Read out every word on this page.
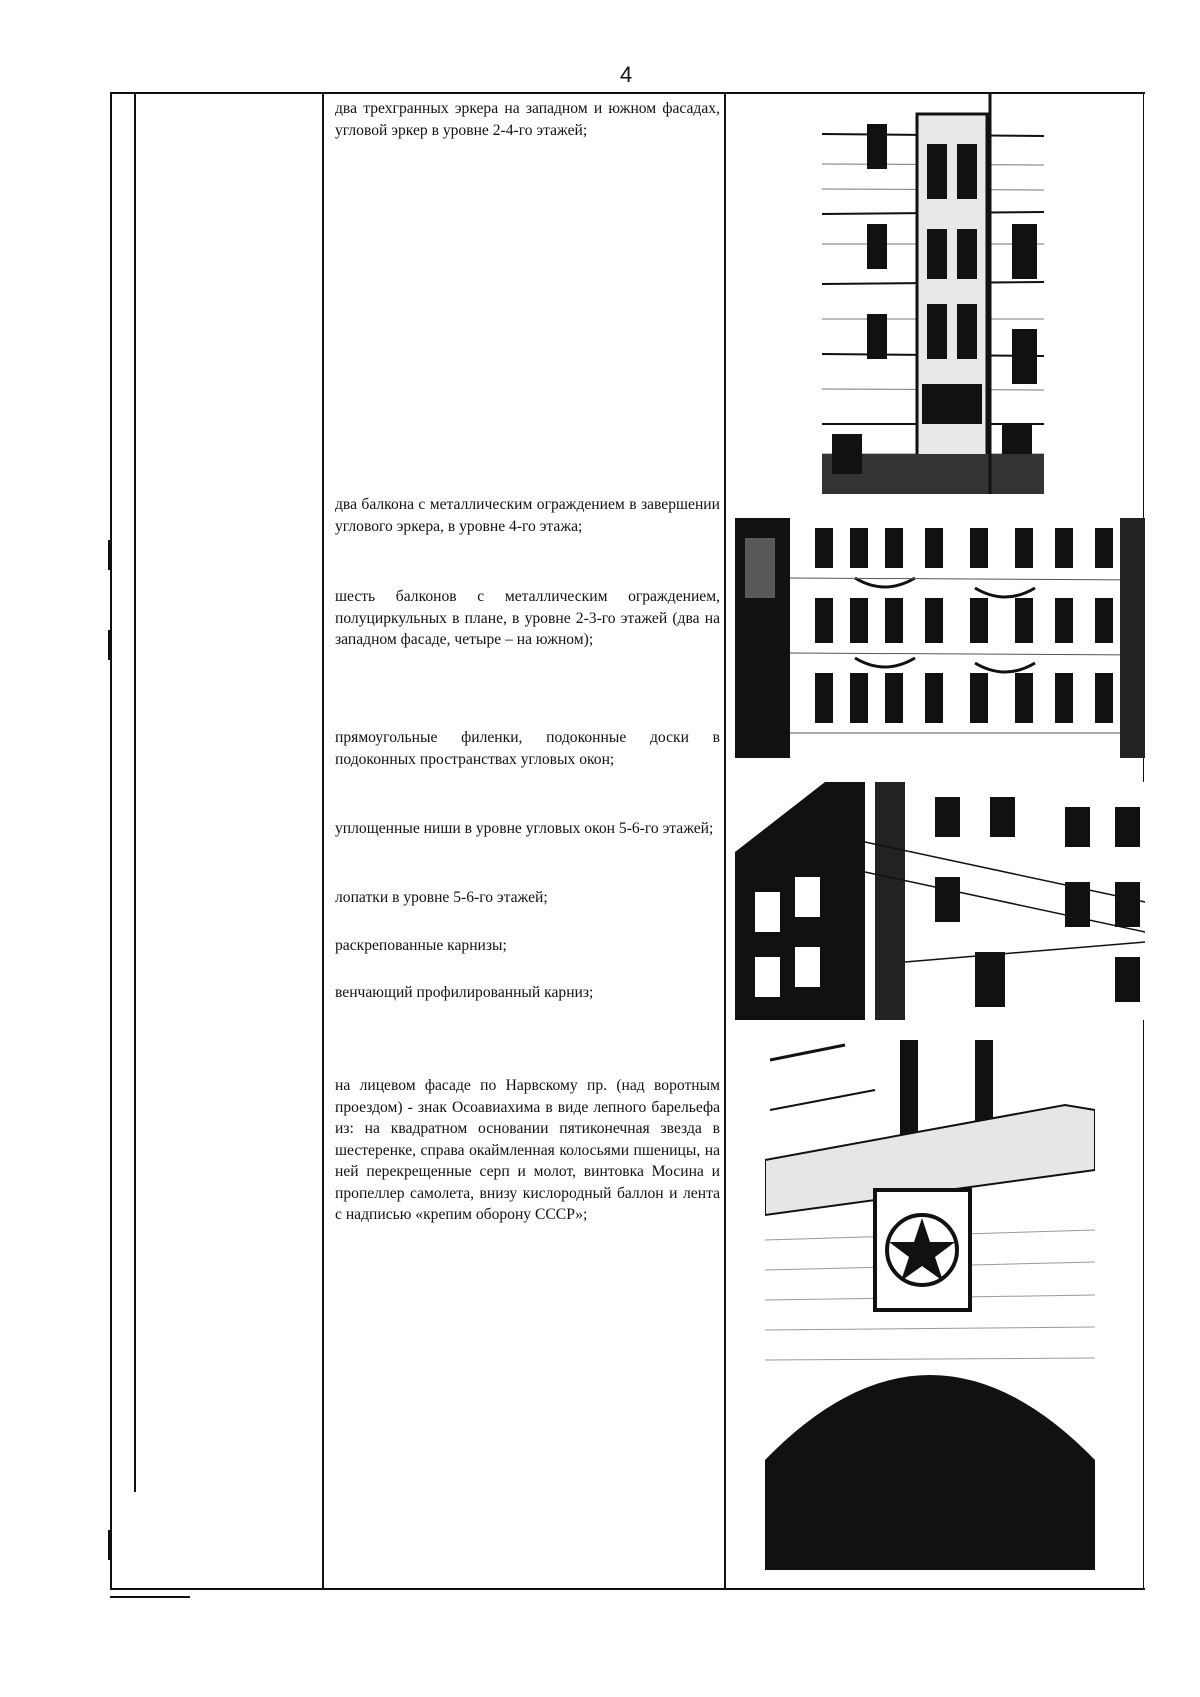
4
два трехгранных эркера на западном и южном фасадах, угловой эркер в уровне 2-4-го этажей;
два балкона с металлическим ограждением в завершении углового эркера, в уровне 4-го этажа;
шесть балконов с металлическим ограждением, полуциркульных в плане, в уровне 2-3-го этажей (два на западном фасаде, четыре – на южном);
прямоугольные филенки, подоконные доски в подоконных пространствах угловых окон;
уплощенные ниши в уровне угловых окон 5-6-го этажей;
лопатки в уровне 5-6-го этажей;
раскрепованные карнизы;
венчающий профилированный карниз;
на лицевом фасаде по Нарвскому пр. (над воротным проездом) - знак Осоавиахима в виде лепного барельефа из: на квадратном основании пятиконечная звезда в шестеренке, справа окаймленная колосьями пшеницы, на ней перекрещенные серп и молот, винтовка Мосина и пропеллер самолета, внизу кислородный баллон и лента с надписью «крепим оборону СССР»;
